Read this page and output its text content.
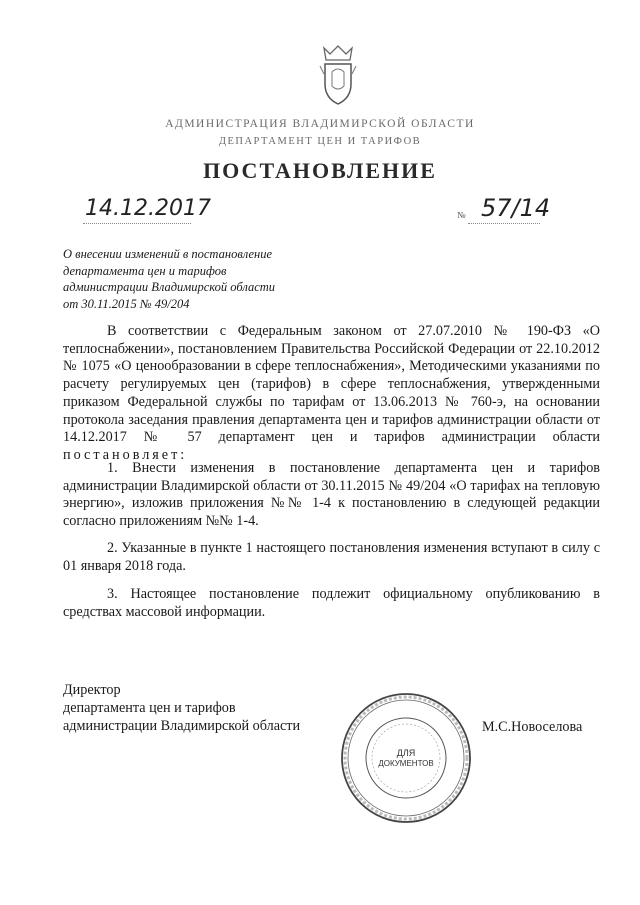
АДМИНИСТРАЦИЯ ВЛАДИМИРСКОЙ ОБЛАСТИ
ДЕПАРТАМЕНТ ЦЕН И ТАРИФОВ
ПОСТАНОВЛЕНИЕ
14.12.2017	№ 57/14
О внесении изменений в постановление
департамента цен и тарифов
администрации Владимирской области
от 30.11.2015 № 49/204
В соответствии с Федеральным законом от 27.07.2010 № 190-ФЗ «О теплоснабжении», постановлением Правительства Российской Федерации от 22.10.2012 № 1075 «О ценообразовании в сфере теплоснабжения», Методическими указаниями по расчету регулируемых цен (тарифов) в сфере теплоснабжения, утвержденными приказом Федеральной службы по тарифам от 13.06.2013 № 760-э, на основании протокола заседания правления департамента цен и тарифов администрации области от 14.12.2017 № 57 департамент цен и тарифов администрации области постановляет:
1. Внести изменения в постановление департамента цен и тарифов администрации Владимирской области от 30.11.2015 № 49/204 «О тарифах на тепловую энергию», изложив приложения №№ 1-4 к постановлению в следующей редакции согласно приложениям №№ 1-4.
2. Указанные в пункте 1 настоящего постановления изменения вступают в силу с 01 января 2018 года.
3. Настоящее постановление подлежит официальному опубликованию в средствах массовой информации.
Директор
департамента цен и тарифов
администрации Владимирской области	М.С.Новоселова
ДЛЯ
ДОКУМЕНТОВ
